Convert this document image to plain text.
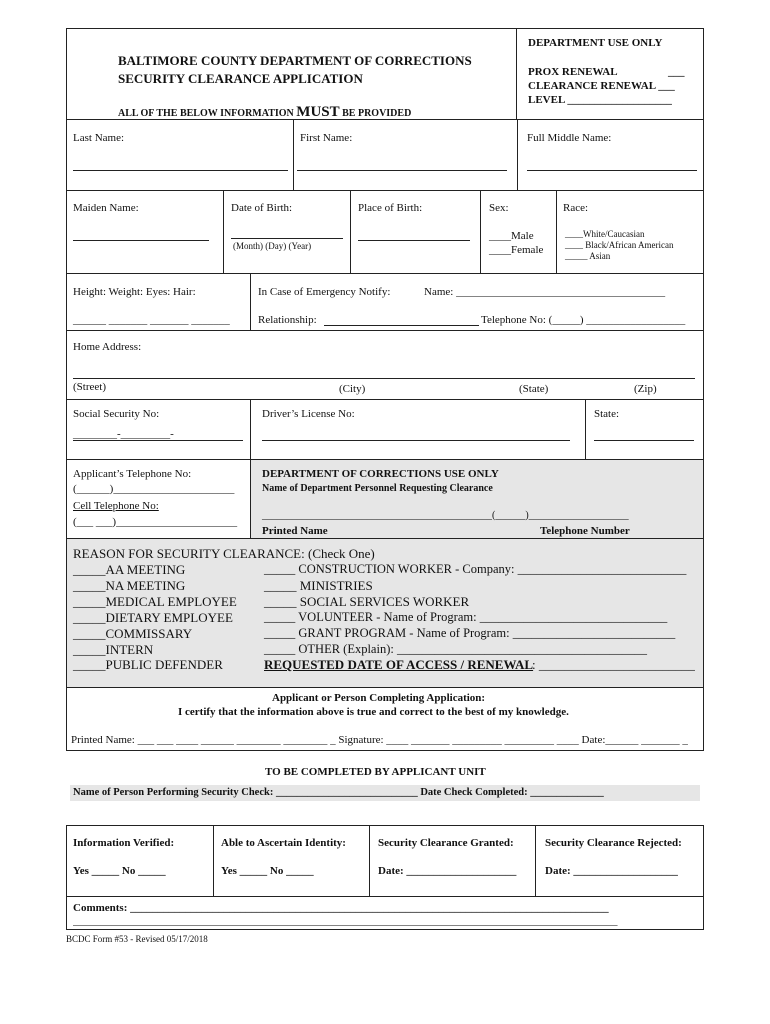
BALTIMORE COUNTY DEPARTMENT OF CORRECTIONS
SECURITY CLEARANCE APPLICATION
ALL OF THE BELOW INFORMATION MUST BE PROVIDED
DEPARTMENT USE ONLY
PROX RENEWAL	___
CLEARANCE RENEWAL ___
LEVEL ___________________
Last Name:	First Name:	Full Middle Name:
Maiden Name:	Date of Birth:
(Month) (Day) (Year)
Place of Birth:	Sex:
____Male
____Female
Race:
____White/Caucasian
____ Black/African American
_____ Asian
Height: Weight: Eyes: Hair:
______ _______ _______ _______
In Case of Emergency Notify:	Name: ______________________________________
Relationship:	Telephone No: (_____) __________________
Home Address:
(Street)	(City)	(State)	(Zip)
Social Security No:
________-_________-
Driver’s License No:	State:
Applicant’s Telephone No:
(______)______________________
Cell Telephone No:
(___ ___)______________________
DEPARTMENT OF CORRECTIONS USE ONLY
Name of Department Personnel Requesting Clearance
______________________________________________(______)____________________
Printed Name	Telephone Number
REASON FOR SECURITY CLEARANCE: (Check One)
_____AA MEETING
_____NA MEETING
_____MEDICAL EMPLOYEE
_____DIETARY EMPLOYEE
_____COMMISSARY
_____INTERN
_____PUBLIC DEFENDER
_____ CONSTRUCTION WORKER - Company: ___________________________
_____ MINISTRIES
_____ SOCIAL SERVICES WORKER
_____ VOLUNTEER - Name of Program: ______________________________
_____ GRANT PROGRAM - Name of Program: __________________________
_____ OTHER (Explain): ________________________________________
REQUESTED DATE OF ACCESS / RENEWAL
: ________________________
Applicant or Person Completing Application:
I certify that the information above is true and correct to the best of my knowledge.
Printed Name: ___ ___ ____ ______ ________ ________ _ Signature: ____ _______ _________ _________ ____ Date:______ _______ _
TO BE COMPLETED BY APPLICANT UNIT
Name of Person Performing Security Check: ___________________________ Date Check Completed: ______________
Information Verified:
Yes _____ No _____
Able to Ascertain Identity:
Yes _____ No _____
Security Clearance Granted:
Date: ____________________
Security Clearance Rejected:
Date: ___________________
Comments: _______________________________________________________________________________________
___________________________________________________________________________________________________
BCDC Form #53 - Revised 05/17/2018
